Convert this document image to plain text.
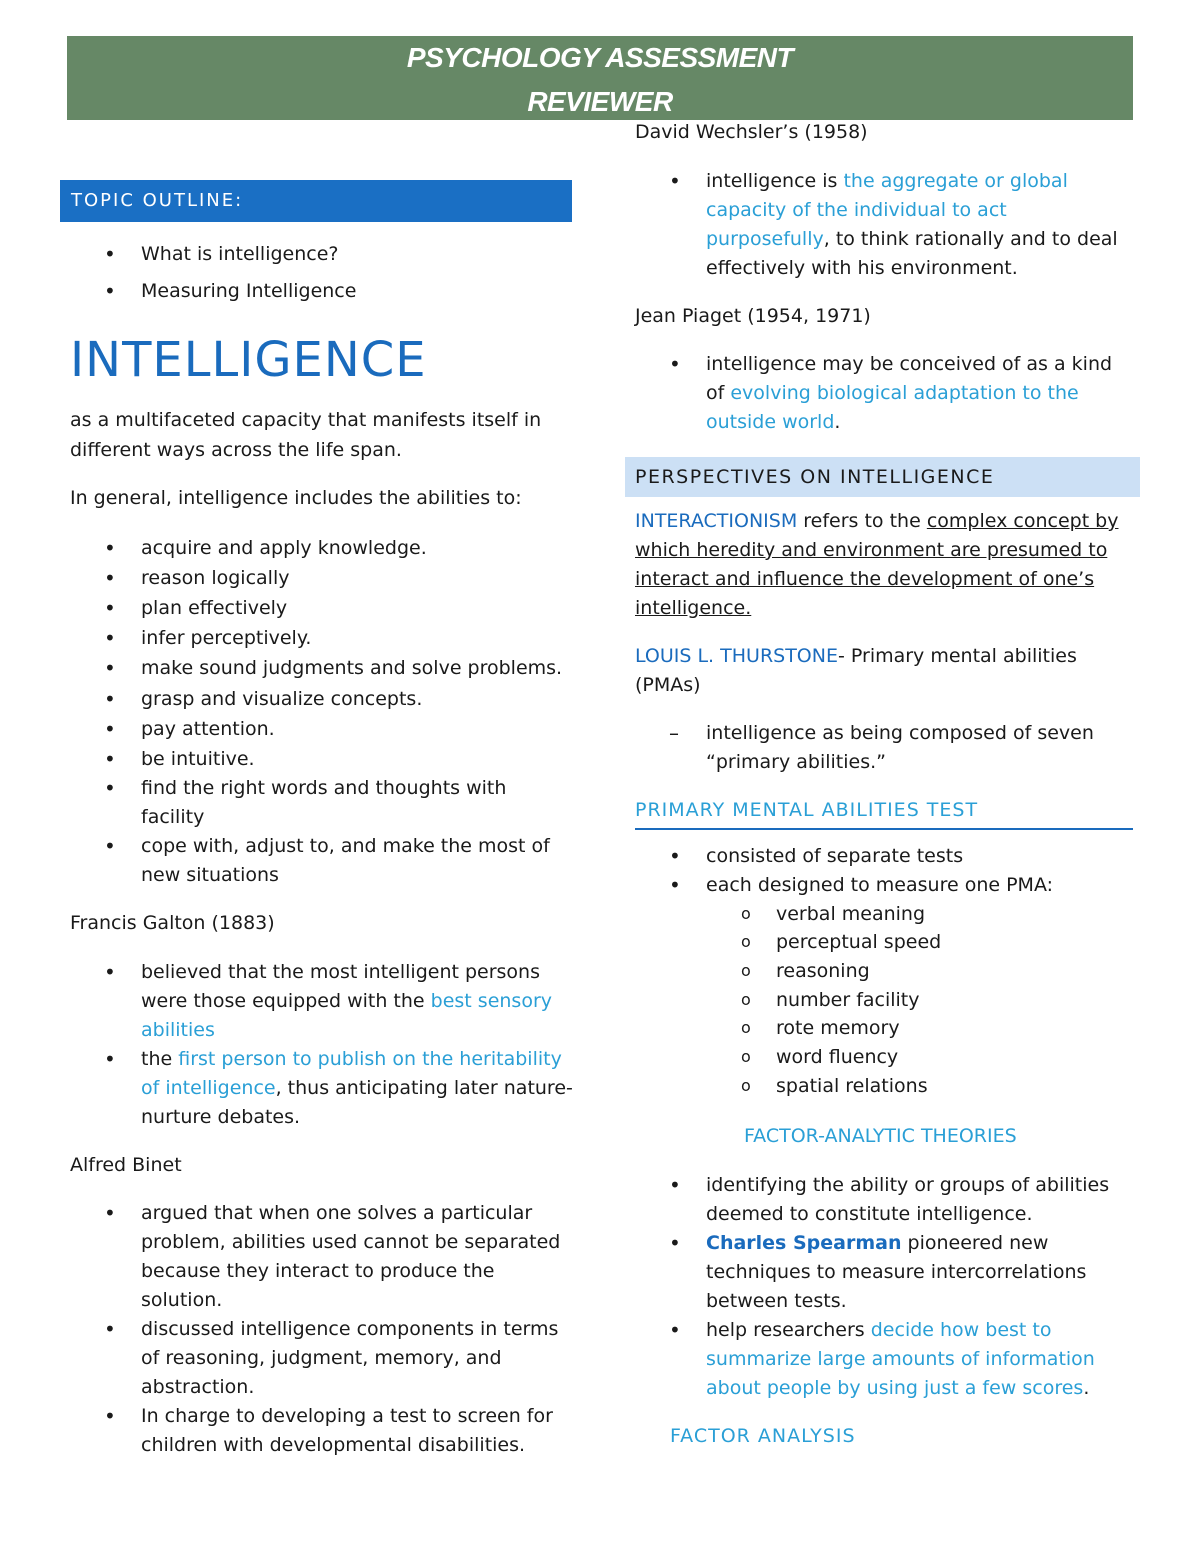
PSYCHOLOGY ASSESSMENT
REVIEWER
TOPIC OUTLINE:
• What is intelligence?
• Measuring Intelligence
INTELLIGENCE

as a multifaceted capacity that manifests itself in different ways across the life span.

In general, intelligence includes the abilities to:

• acquire and apply knowledge.
• reason logically
• plan effectively
• infer perceptively.
• make sound judgments and solve problems.
• grasp and visualize concepts.
• pay attention.
• be intuitive.
• find the right words and thoughts with facility
• cope with, adjust to, and make the most of new situations

Francis Galton (1883)

• believed that the most intelligent persons were those equipped with the best sensory abilities
• the first person to publish on the heritability of intelligence, thus anticipating later nature-nurture debates.

Alfred Binet

• argued that when one solves a particular problem, abilities used cannot be separated because they interact to produce the solution.
• discussed intelligence components in terms of reasoning, judgment, memory, and abstraction.
• In charge to developing a test to screen for children with developmental disabilities.

David Wechsler’s (1958)

• intelligence is the aggregate or global capacity of the individual to act purposefully, to think rationally and to deal effectively with his environment.

Jean Piaget (1954, 1971)

• intelligence may be conceived of as a kind of evolving biological adaptation to the outside world.
PERSPECTIVES ON INTELLIGENCE

INTERACTIONISM refers to the complex concept by which heredity and environment are presumed to interact and influence the development of one’s intelligence.

LOUIS L. THURSTONE- Primary mental abilities (PMAs)

– intelligence as being composed of seven “primary abilities.”
PRIMARY MENTAL ABILITIES TEST
• consisted of separate tests
• each designed to measure one PMA:
o verbal meaning
o perceptual speed
o reasoning
o number facility
o rote memory
o word fluency
o spatial relations

FACTOR-ANALYTIC THEORIES

• identifying the ability or groups of abilities deemed to constitute intelligence.
• Charles Spearman pioneered new techniques to measure intercorrelations between tests.
• help researchers decide how best to summarize large amounts of information about people by using just a few scores.

FACTOR ANALYSIS
